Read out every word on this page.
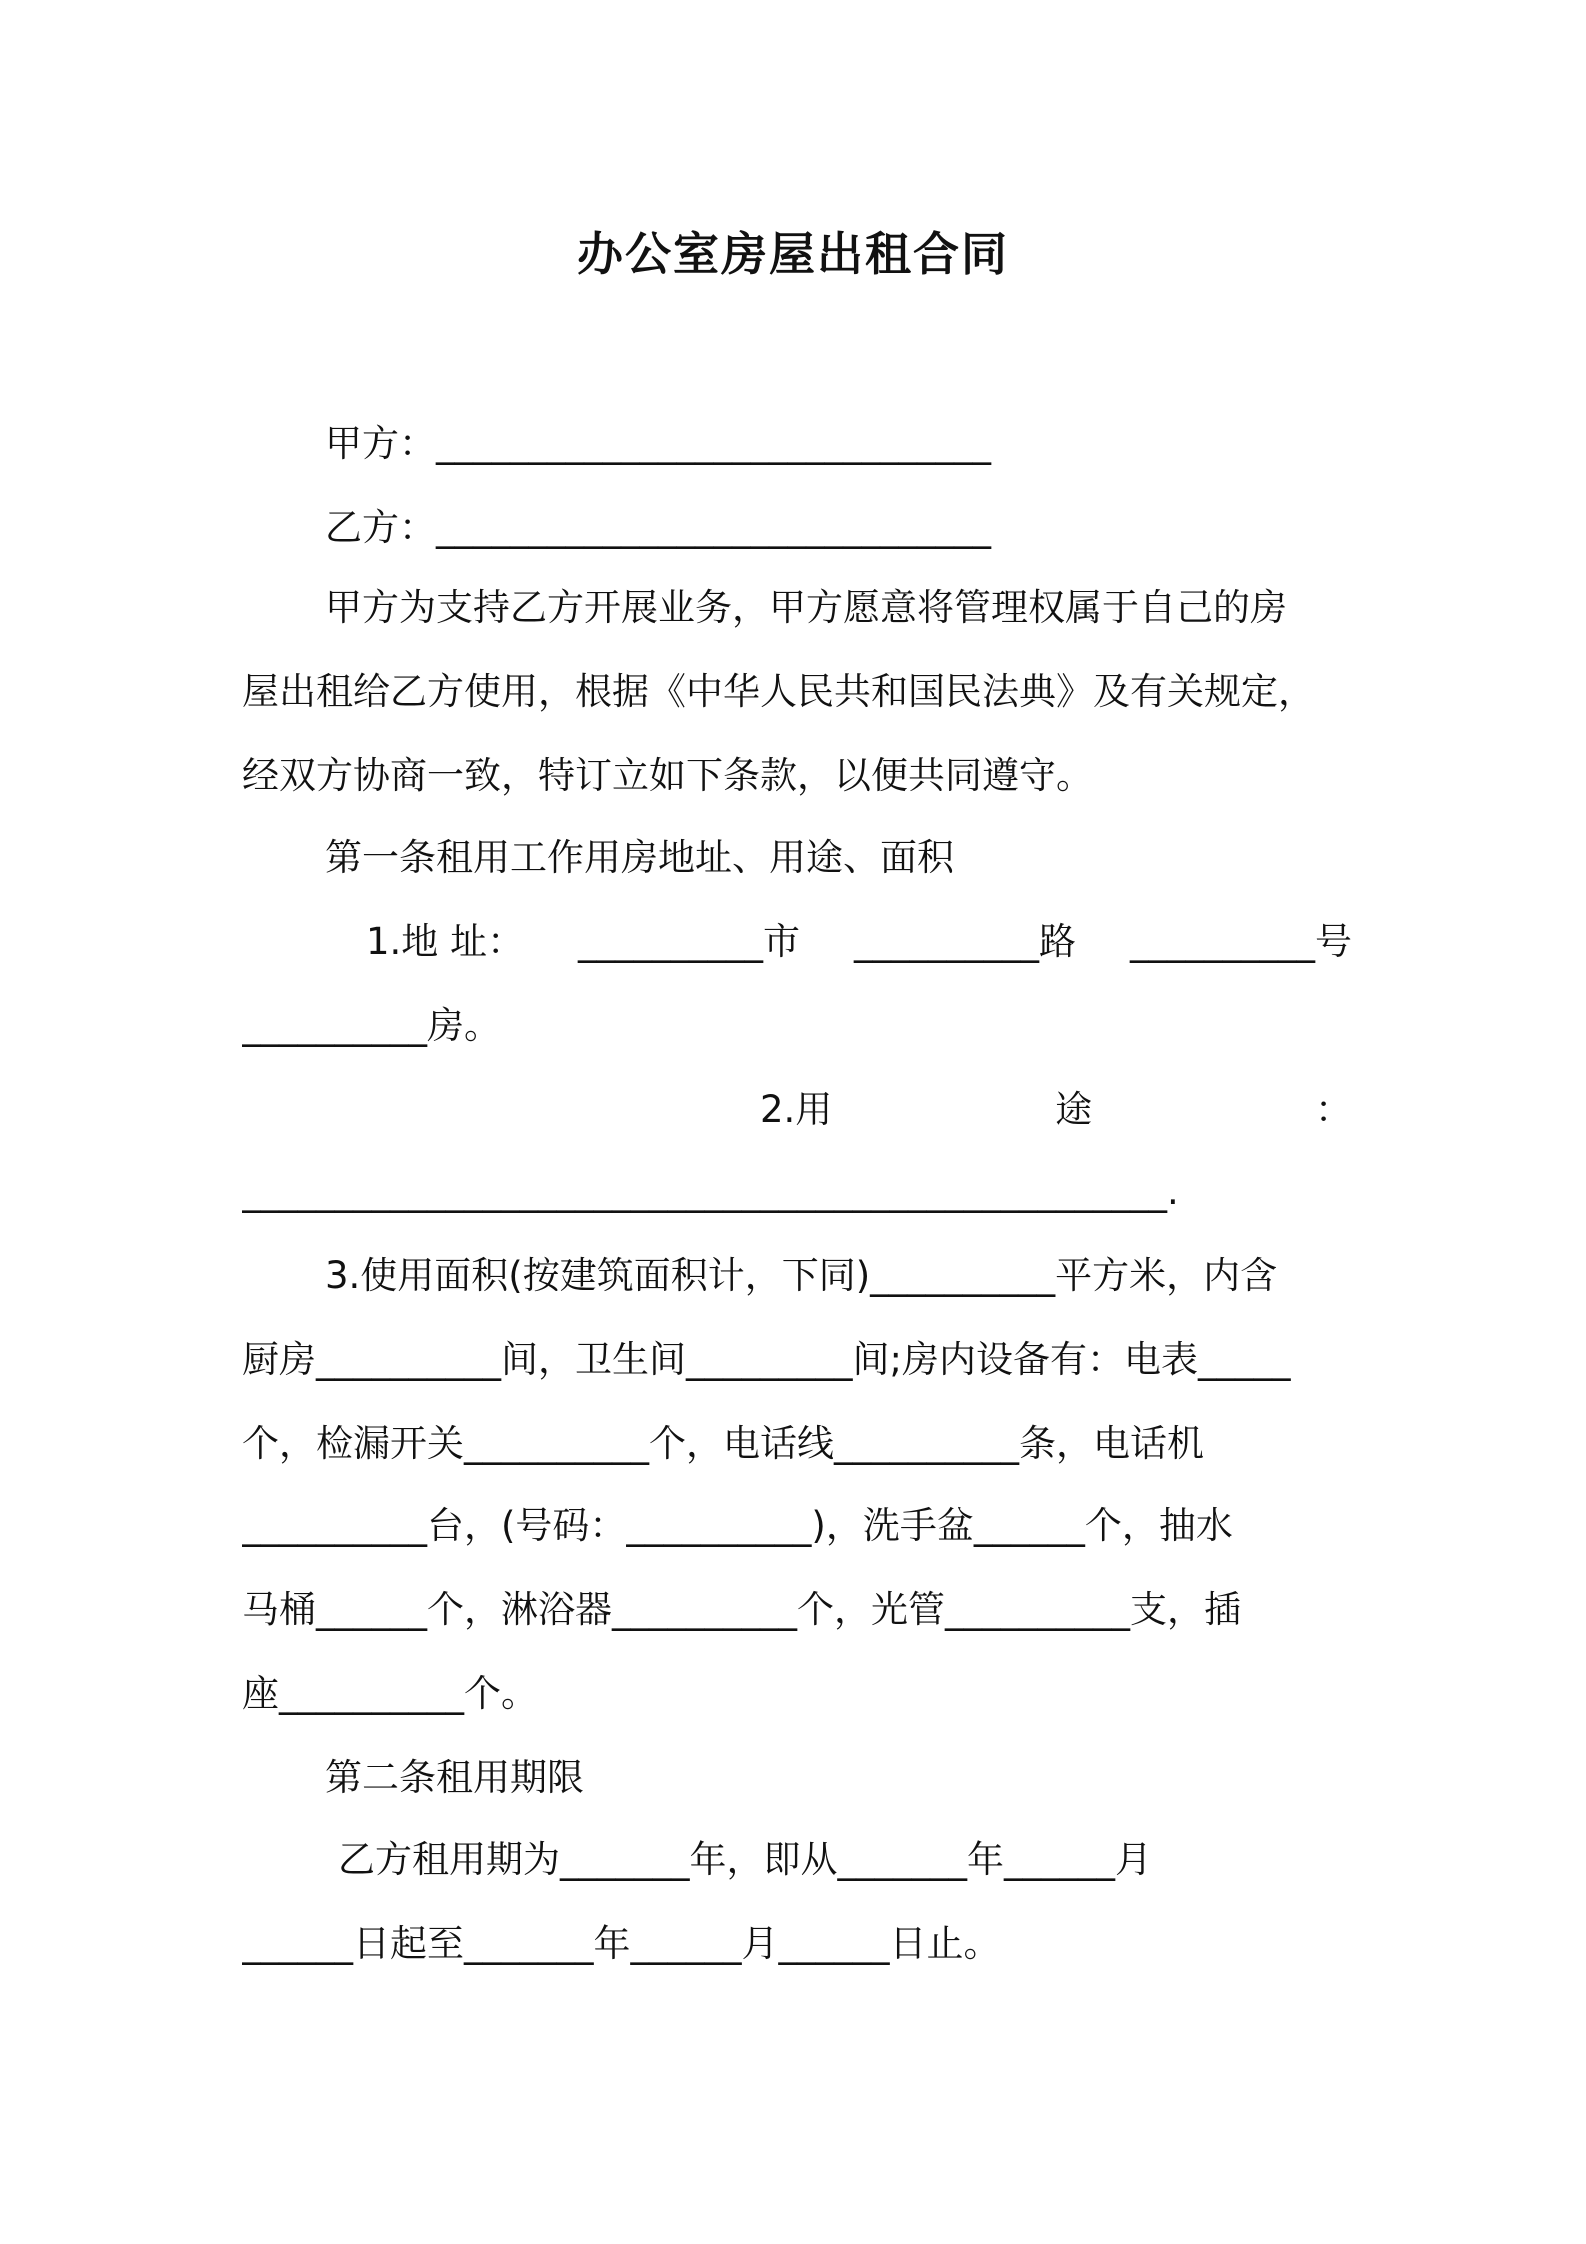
办公室房屋出租合同
甲方：______________________________
乙方：______________________________
甲方为支持乙方开展业务，甲方愿意将管理权属于自己的房
屋出租给乙方使用，根据《中华人民共和国民法典》及有关规定，
经双方协商一致，特订立如下条款，以便共同遵守。
第一条租用工作用房地址、用途、面积
1.地 址： __________市 __________路 __________号
__________房。
2.用	途	：
__________________________________________________.
3.使用面积(按建筑面积计，下同)__________平方米，内含
厨房__________间，卫生间_________间;房内设备有：电表_____
个，检漏开关__________个，电话线__________条，电话机
__________台，(号码：__________)，洗手盆______个，抽水
马桶______个，淋浴器__________个，光管__________支，插
座__________个。
第二条租用期限
乙方租用期为_______年，即从_______年______月
______日起至_______年______月______日止。
